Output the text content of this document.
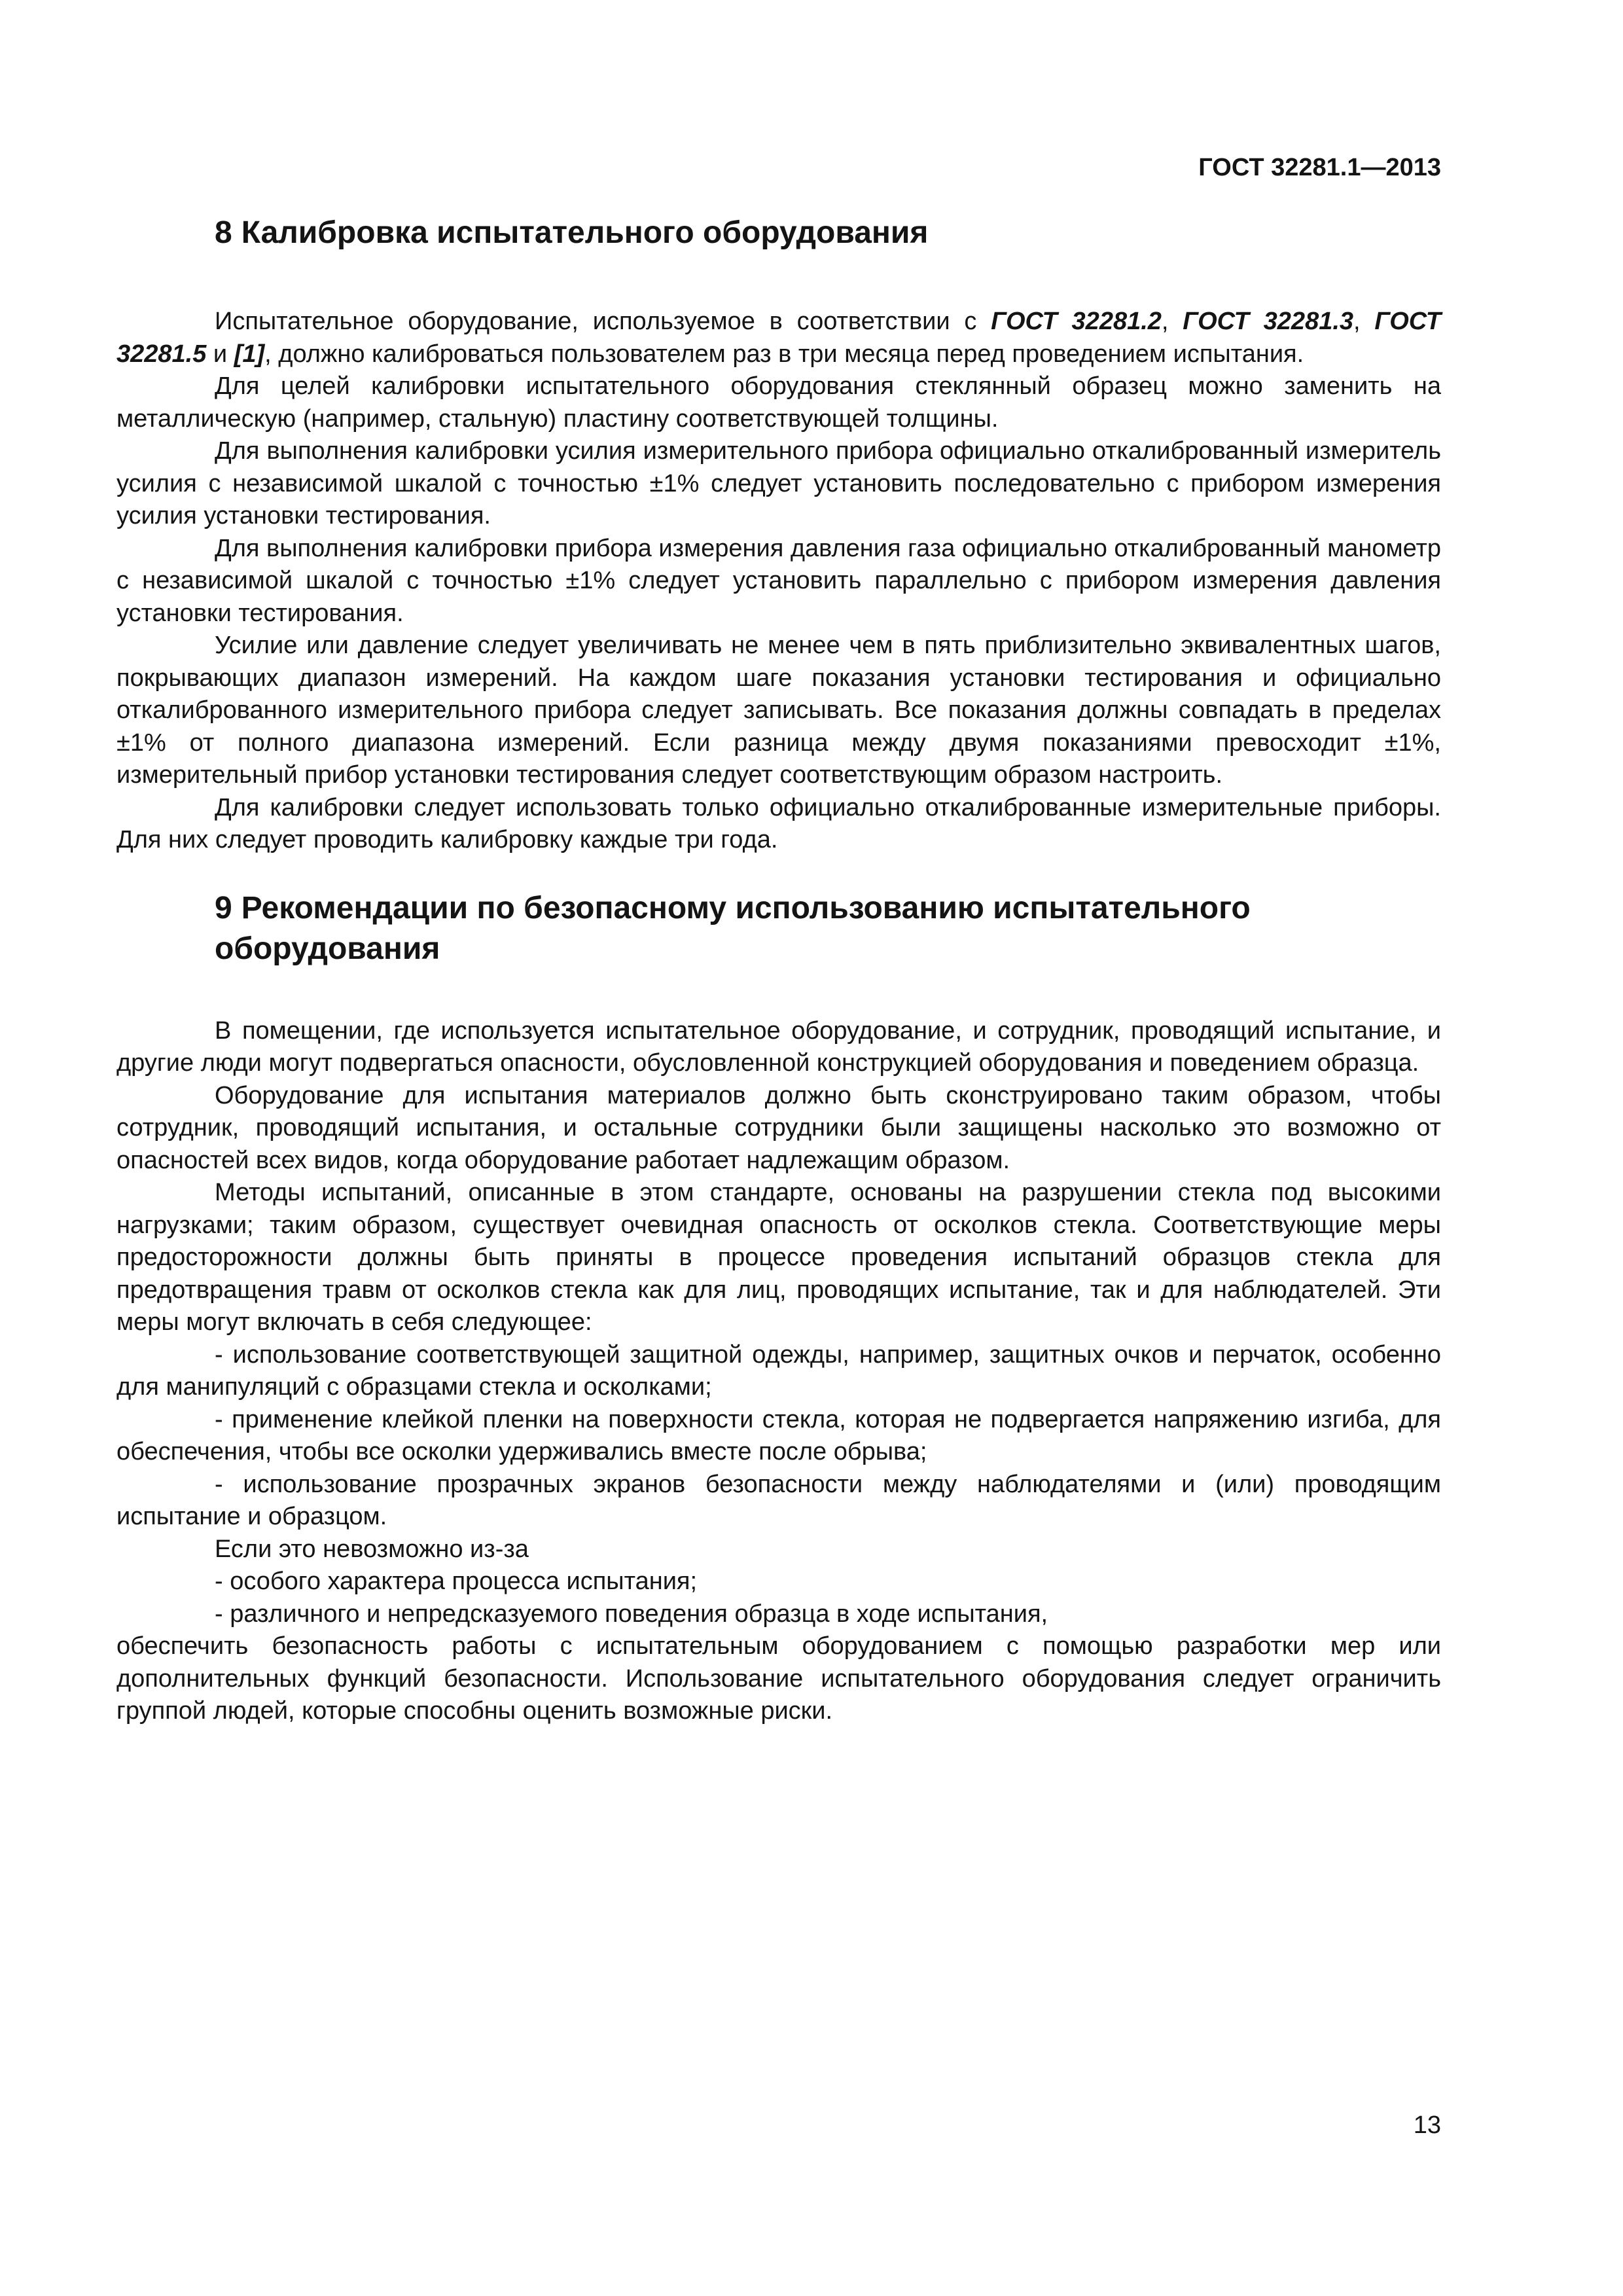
ГОСТ 32281.1—2013
8 Калибровка испытательного оборудования

Испытательное оборудование, используемое в соответствии с ГОСТ 32281.2, ГОСТ 32281.3, ГОСТ 32281.5 и [1], должно калиброваться пользователем раз в три месяца перед проведением испытания.

Для целей калибровки испытательного оборудования стеклянный образец можно заменить на металлическую (например, стальную) пластину соответствующей толщины.

Для выполнения калибровки усилия измерительного прибора официально откалиброванный измеритель усилия с независимой шкалой с точностью ±1% следует установить последовательно с прибором измерения усилия установки тестирования.

Для выполнения калибровки прибора измерения давления газа официально откалиброванный манометр с независимой шкалой с точностью ±1% следует установить параллельно с прибором измерения давления установки тестирования.

Усилие или давление следует увеличивать не менее чем в пять приблизительно эквивалентных шагов, покрывающих диапазон измерений. На каждом шаге показания установки тестирования и официально откалиброванного измерительного прибора следует записывать. Все показания должны совпадать в пределах ±1% от полного диапазона измерений. Если разница между двумя показаниями превосходит ±1%, измерительный прибор установки тестирования следует соответствующим образом настроить.

Для калибровки следует использовать только официально откалиброванные измерительные приборы. Для них следует проводить калибровку каждые три года.

9 Рекомендации по безопасному использованию испытательного оборудования

В помещении, где используется испытательное оборудование, и сотрудник, проводящий испытание, и другие люди могут подвергаться опасности, обусловленной конструкцией оборудования и поведением образца.

Оборудование для испытания материалов должно быть сконструировано таким образом, чтобы сотрудник, проводящий испытания, и остальные сотрудники были защищены насколько это возможно от опасностей всех видов, когда оборудование работает надлежащим образом.

Методы испытаний, описанные в этом стандарте, основаны на разрушении стекла под высокими нагрузками; таким образом, существует очевидная опасность от осколков стекла. Соответствующие меры предосторожности должны быть приняты в процессе проведения испытаний образцов стекла для предотвращения травм от осколков стекла как для лиц, проводящих испытание, так и для наблюдателей. Эти меры могут включать в себя следующее:

- использование соответствующей защитной одежды, например, защитных очков и перчаток, особенно для манипуляций с образцами стекла и осколками;

- применение клейкой пленки на поверхности стекла, которая не подвергается напряжению изгиба, для обеспечения, чтобы все осколки удерживались вместе после обрыва;

- использование прозрачных экранов безопасности между наблюдателями и (или) проводящим испытание и образцом.

Если это невозможно из-за

- особого характера процесса испытания;

- различного и непредсказуемого поведения образца в ходе испытания,

обеспечить безопасность работы с испытательным оборудованием с помощью разработки мер или дополнительных функций безопасности. Использование испытательного оборудования следует ограничить группой людей, которые способны оценить возможные риски.

13
